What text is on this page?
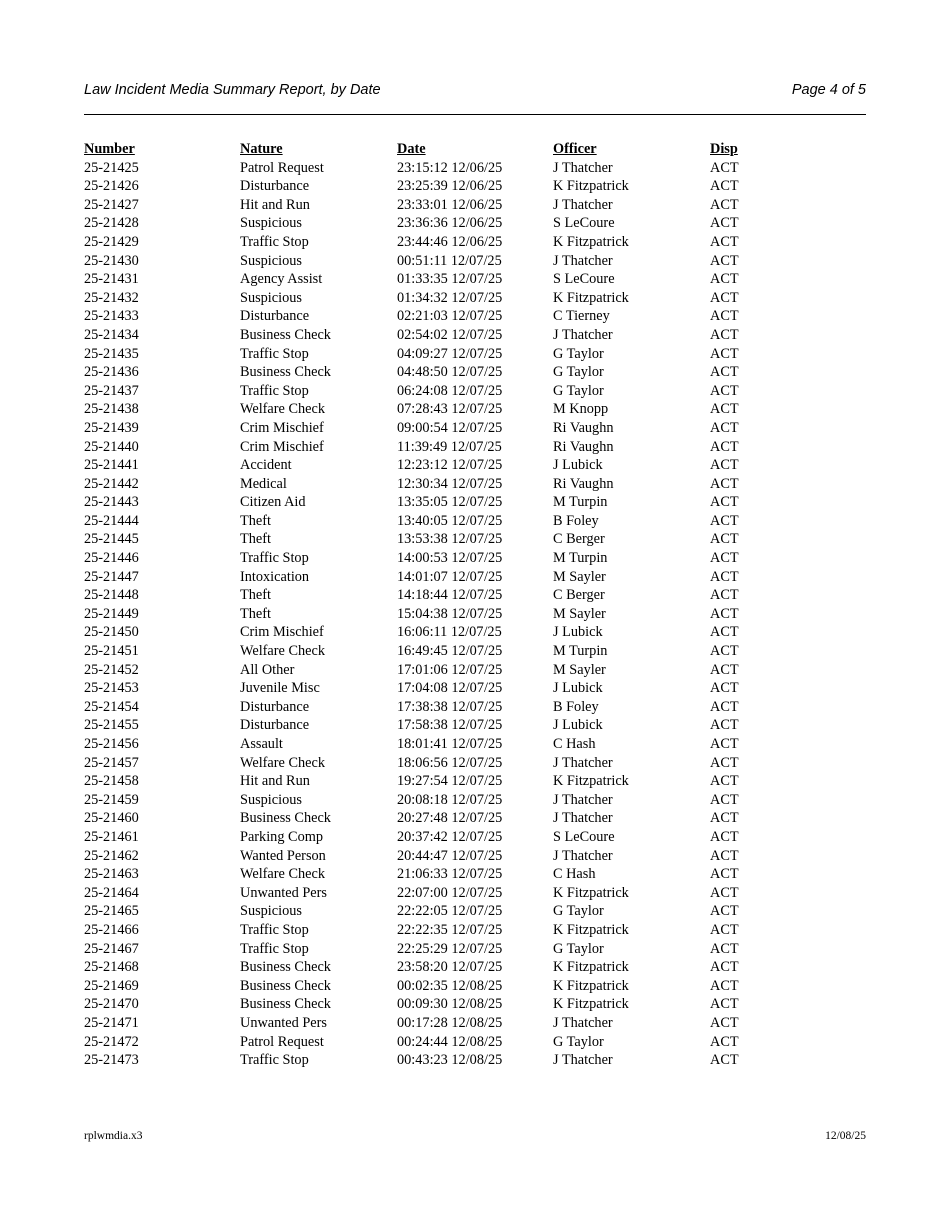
Law Incident Media Summary Report, by Date	Page 4 of 5
Number	Nature	Date	Officer	Disp
25-21425	Patrol Request	23:15:12 12/06/25	J Thatcher	ACT
25-21426	Disturbance	23:25:39 12/06/25	K Fitzpatrick	ACT
25-21427	Hit and Run	23:33:01 12/06/25	J Thatcher	ACT
25-21428	Suspicious	23:36:36 12/06/25	S LeCoure	ACT
25-21429	Traffic Stop	23:44:46 12/06/25	K Fitzpatrick	ACT
25-21430	Suspicious	00:51:11 12/07/25	J Thatcher	ACT
25-21431	Agency Assist	01:33:35 12/07/25	S LeCoure	ACT
25-21432	Suspicious	01:34:32 12/07/25	K Fitzpatrick	ACT
25-21433	Disturbance	02:21:03 12/07/25	C Tierney	ACT
25-21434	Business Check	02:54:02 12/07/25	J Thatcher	ACT
25-21435	Traffic Stop	04:09:27 12/07/25	G Taylor	ACT
25-21436	Business Check	04:48:50 12/07/25	G Taylor	ACT
25-21437	Traffic Stop	06:24:08 12/07/25	G Taylor	ACT
25-21438	Welfare Check	07:28:43 12/07/25	M Knopp	ACT
25-21439	Crim Mischief	09:00:54 12/07/25	Ri Vaughn	ACT
25-21440	Crim Mischief	11:39:49 12/07/25	Ri Vaughn	ACT
25-21441	Accident	12:23:12 12/07/25	J Lubick	ACT
25-21442	Medical	12:30:34 12/07/25	Ri Vaughn	ACT
25-21443	Citizen Aid	13:35:05 12/07/25	M Turpin	ACT
25-21444	Theft	13:40:05 12/07/25	B Foley	ACT
25-21445	Theft	13:53:38 12/07/25	C Berger	ACT
25-21446	Traffic Stop	14:00:53 12/07/25	M Turpin	ACT
25-21447	Intoxication	14:01:07 12/07/25	M Sayler	ACT
25-21448	Theft	14:18:44 12/07/25	C Berger	ACT
25-21449	Theft	15:04:38 12/07/25	M Sayler	ACT
25-21450	Crim Mischief	16:06:11 12/07/25	J Lubick	ACT
25-21451	Welfare Check	16:49:45 12/07/25	M Turpin	ACT
25-21452	All Other	17:01:06 12/07/25	M Sayler	ACT
25-21453	Juvenile Misc	17:04:08 12/07/25	J Lubick	ACT
25-21454	Disturbance	17:38:38 12/07/25	B Foley	ACT
25-21455	Disturbance	17:58:38 12/07/25	J Lubick	ACT
25-21456	Assault	18:01:41 12/07/25	C Hash	ACT
25-21457	Welfare Check	18:06:56 12/07/25	J Thatcher	ACT
25-21458	Hit and Run	19:27:54 12/07/25	K Fitzpatrick	ACT
25-21459	Suspicious	20:08:18 12/07/25	J Thatcher	ACT
25-21460	Business Check	20:27:48 12/07/25	J Thatcher	ACT
25-21461	Parking Comp	20:37:42 12/07/25	S LeCoure	ACT
25-21462	Wanted Person	20:44:47 12/07/25	J Thatcher	ACT
25-21463	Welfare Check	21:06:33 12/07/25	C Hash	ACT
25-21464	Unwanted Pers	22:07:00 12/07/25	K Fitzpatrick	ACT
25-21465	Suspicious	22:22:05 12/07/25	G Taylor	ACT
25-21466	Traffic Stop	22:22:35 12/07/25	K Fitzpatrick	ACT
25-21467	Traffic Stop	22:25:29 12/07/25	G Taylor	ACT
25-21468	Business Check	23:58:20 12/07/25	K Fitzpatrick	ACT
25-21469	Business Check	00:02:35 12/08/25	K Fitzpatrick	ACT
25-21470	Business Check	00:09:30 12/08/25	K Fitzpatrick	ACT
25-21471	Unwanted Pers	00:17:28 12/08/25	J Thatcher	ACT
25-21472	Patrol Request	00:24:44 12/08/25	G Taylor	ACT
25-21473	Traffic Stop	00:43:23 12/08/25	J Thatcher	ACT
rplwmdia.x3	12/08/25
